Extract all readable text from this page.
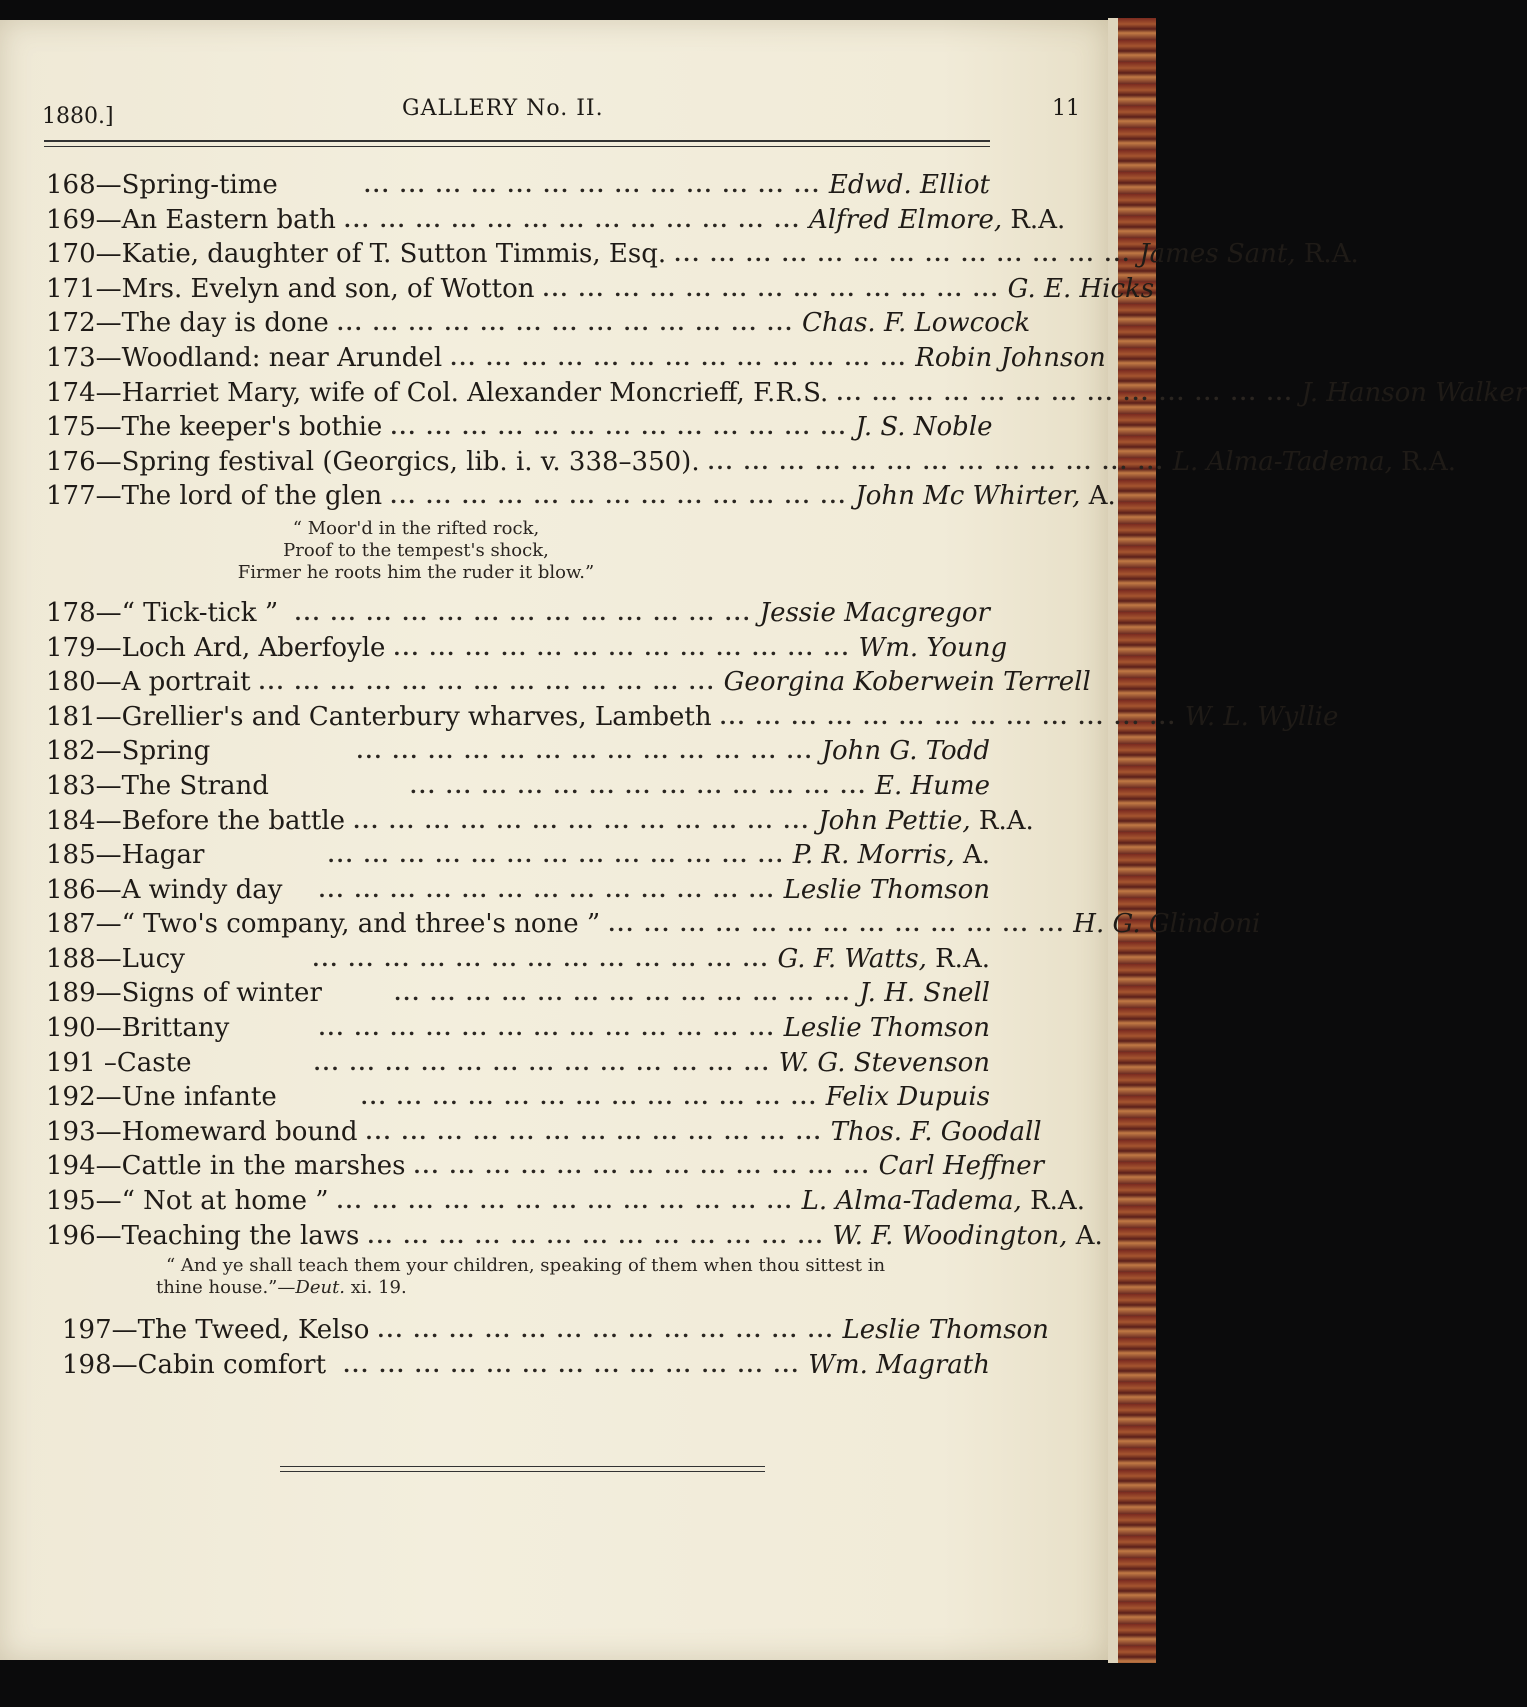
1880.]	GALLERY No. II.	11
168—Spring-time	... ... ... ... ... ... ... ... ... ... ... ... ... Edwd. Elliot
169—An Eastern bath ... ... ... ... ... ... ... ... ... ... ... ... ... Alfred Elmore, R.A.
170—Katie, daughter of T. Sutton Timmis, Esq. ... ... ... ... ... ... ... ... ... ... ... ... ... James Sant, R.A.
171—Mrs. Evelyn and son, of Wotton ... ... ... ... ... ... ... ... ... ... ... ... ... G. E. Hicks
172—The day is done ... ... ... ... ... ... ... ... ... ... ... ... ... Chas. F. Lowcock
173—Woodland: near Arundel ... ... ... ... ... ... ... ... ... ... ... ... ... Robin Johnson
174—Harriet Mary, wife of Col. Alexander Moncrieff, F.R.S. ... ... ... ... ... ... ... ... ... ... ... ... ... J. Hanson Walker
175—The keeper's bothie ... ... ... ... ... ... ... ... ... ... ... ... ... J. S. Noble
176—Spring festival (Georgics, lib. i. v. 338–350). ... ... ... ... ... ... ... ... ... ... ... ... ... L. Alma-Tadema, R.A.
177—The lord of the glen ... ... ... ... ... ... ... ... ... ... ... ... ... John Mc Whirter, A.
“ Moor'd in the rifted rock,
Proof to the tempest's shock,
Firmer he roots him the ruder it blow.”
178—“ Tick-tick ” ... ... ... ... ... ... ... ... ... ... ... ... ... Jessie Macgregor
179—Loch Ard, Aberfoyle ... ... ... ... ... ... ... ... ... ... ... ... ... Wm. Young
180—A portrait ... ... ... ... ... ... ... ... ... ... ... ... ... Georgina Koberwein Terrell
181—Grellier's and Canterbury wharves, Lambeth ... ... ... ... ... ... ... ... ... ... ... ... ... W. L. Wyllie
182—Spring	... ... ... ... ... ... ... ... ... ... ... ... ... John G. Todd
183—The Strand	... ... ... ... ... ... ... ... ... ... ... ... ... E. Hume
184—Before the battle ... ... ... ... ... ... ... ... ... ... ... ... ... John Pettie, R.A.
185—Hagar	... ... ... ... ... ... ... ... ... ... ... ... ... P. R. Morris, A.
186—A windy day	... ... ... ... ... ... ... ... ... ... ... ... ... Leslie Thomson
187—“ Two's company, and three's none ” ... ... ... ... ... ... ... ... ... ... ... ... ... H. G. Glindoni
188—Lucy	... ... ... ... ... ... ... ... ... ... ... ... ... G. F. Watts, R.A.
189—Signs of winter	... ... ... ... ... ... ... ... ... ... ... ... ... J. H. Snell
190—Brittany	... ... ... ... ... ... ... ... ... ... ... ... ... Leslie Thomson
191 –Caste	... ... ... ... ... ... ... ... ... ... ... ... ... W. G. Stevenson
192—Une infante	... ... ... ... ... ... ... ... ... ... ... ... ... Felix Dupuis
193—Homeward bound ... ... ... ... ... ... ... ... ... ... ... ... ... Thos. F. Goodall
194—Cattle in the marshes ... ... ... ... ... ... ... ... ... ... ... ... ... Carl Heffner
195—“ Not at home ” ... ... ... ... ... ... ... ... ... ... ... ... ... L. Alma-Tadema, R.A.
196—Teaching the laws ... ... ... ... ... ... ... ... ... ... ... ... ... W. F. Woodington, A.
“ And ye shall teach them your children, speaking of them when thou sittest in thine house.”—Deut. xi. 19.
197—The Tweed, Kelso ... ... ... ... ... ... ... ... ... ... ... ... ... Leslie Thomson
198—Cabin comfort ... ... ... ... ... ... ... ... ... ... ... ... ... Wm. Magrath
